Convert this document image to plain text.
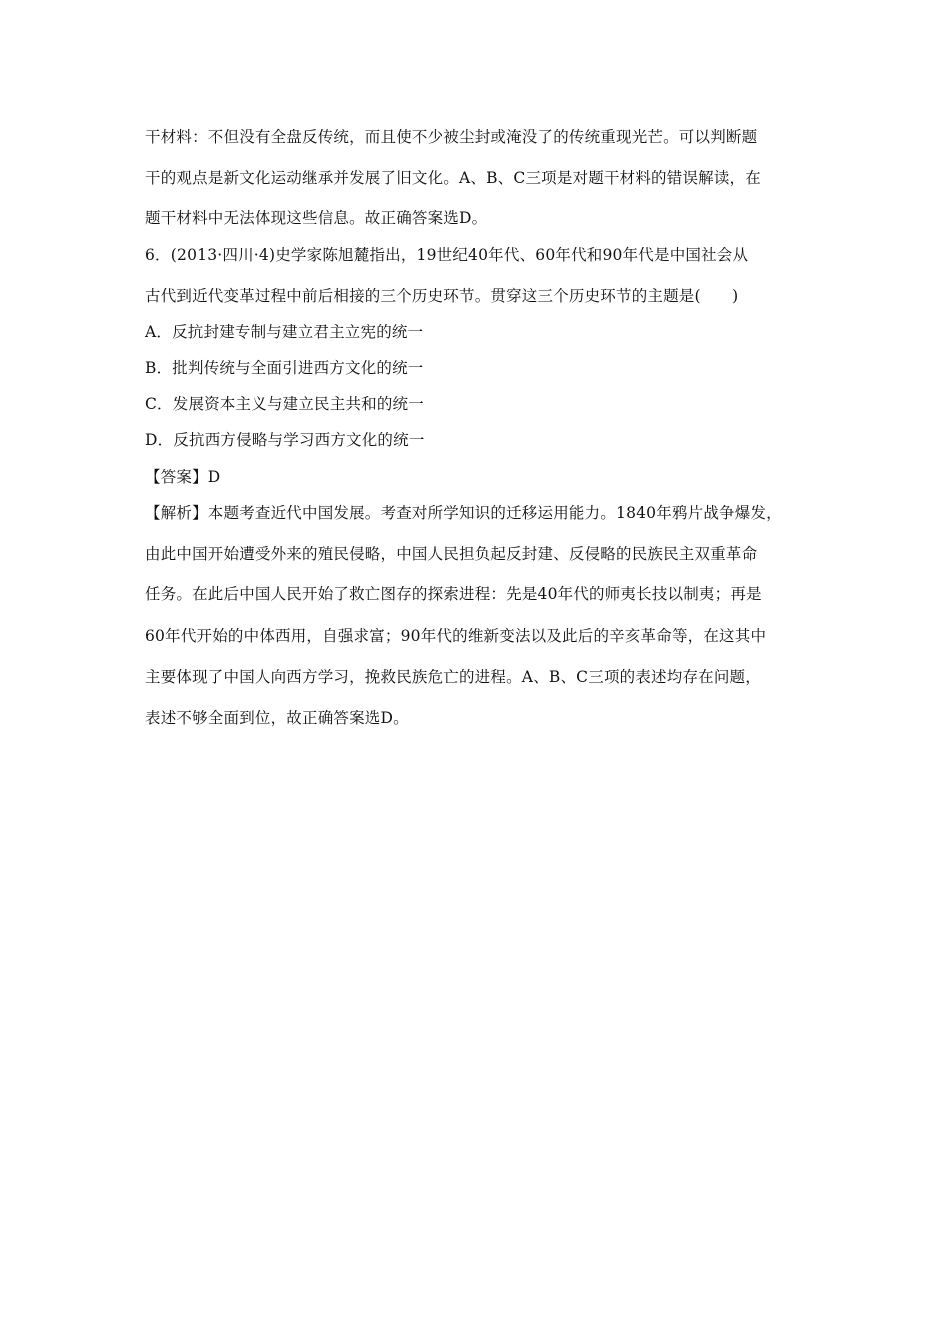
干材料：不但没有全盘反传统，而且使不少被尘封或淹没了的传统重现光芒。可以判断题
干的观点是新文化运动继承并发展了旧文化。A、B、C三项是对题干材料的错误解读，在
题干材料中无法体现这些信息。故正确答案选D。
6．(2013·四川·4)史学家陈旭麓指出，19世纪40年代、60年代和90年代是中国社会从
古代到近代变革过程中前后相接的三个历史环节。贯穿这三个历史环节的主题是(　　)
A．反抗封建专制与建立君主立宪的统一
B．批判传统与全面引进西方文化的统一
C．发展资本主义与建立民主共和的统一
D．反抗西方侵略与学习西方文化的统一
【答案】D
【解析】本题考查近代中国发展。考查对所学知识的迁移运用能力。1840年鸦片战争爆发，
由此中国开始遭受外来的殖民侵略，中国人民担负起反封建、反侵略的民族民主双重革命
任务。在此后中国人民开始了救亡图存的探索进程：先是40年代的师夷长技以制夷；再是
60年代开始的中体西用，自强求富；90年代的维新变法以及此后的辛亥革命等，在这其中
主要体现了中国人向西方学习，挽救民族危亡的进程。A、B、C三项的表述均存在问题，
表述不够全面到位，故正确答案选D。
